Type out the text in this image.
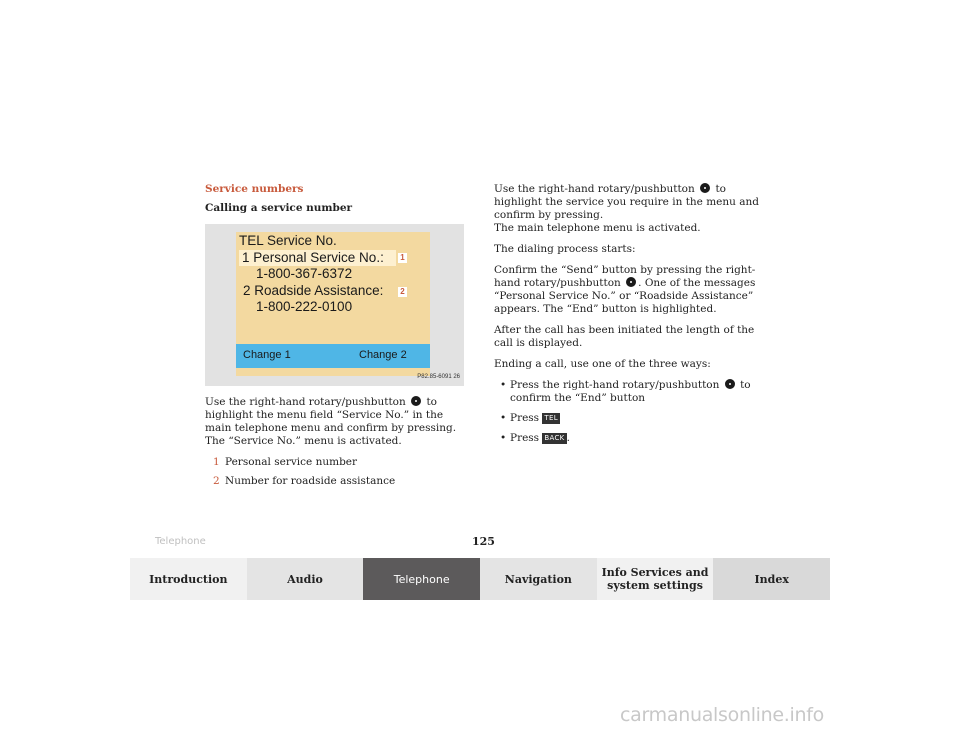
Service numbers
Calling a service number
TEL Service No.
1 Personal Service No.:	1
1-800-367-6372
2 Roadside Assistance: 2
1-800-222-0100
Change 1	Change 2
P82.85-6091 26

Use the right-hand rotary/pushbutton to highlight the menu field “Service No.” in the main telephone menu and confirm by pressing.
The “Service No.” menu is activated.

1 Personal service number
2 Number for roadside assistance

Use the right-hand rotary/pushbutton to highlight the service you require in the menu and confirm by pressing.
The main telephone menu is activated.

The dialing process starts:

Confirm the “Send” button by pressing the right-hand rotary/pushbutton . One of the messages “Personal Service No.” or “Roadside Assistance” appears. The “End” button is highlighted.

After the call has been initiated the length of the call is displayed.

Ending a call, use one of the three ways:

• Press the right-hand rotary/pushbutton to confirm the “End” button
• Press TEL
• Press BACK .
Telephone	125
Introduction	Audio	Telephone	Navigation	Info Services and system settings	Index
carmanualsonline.info
